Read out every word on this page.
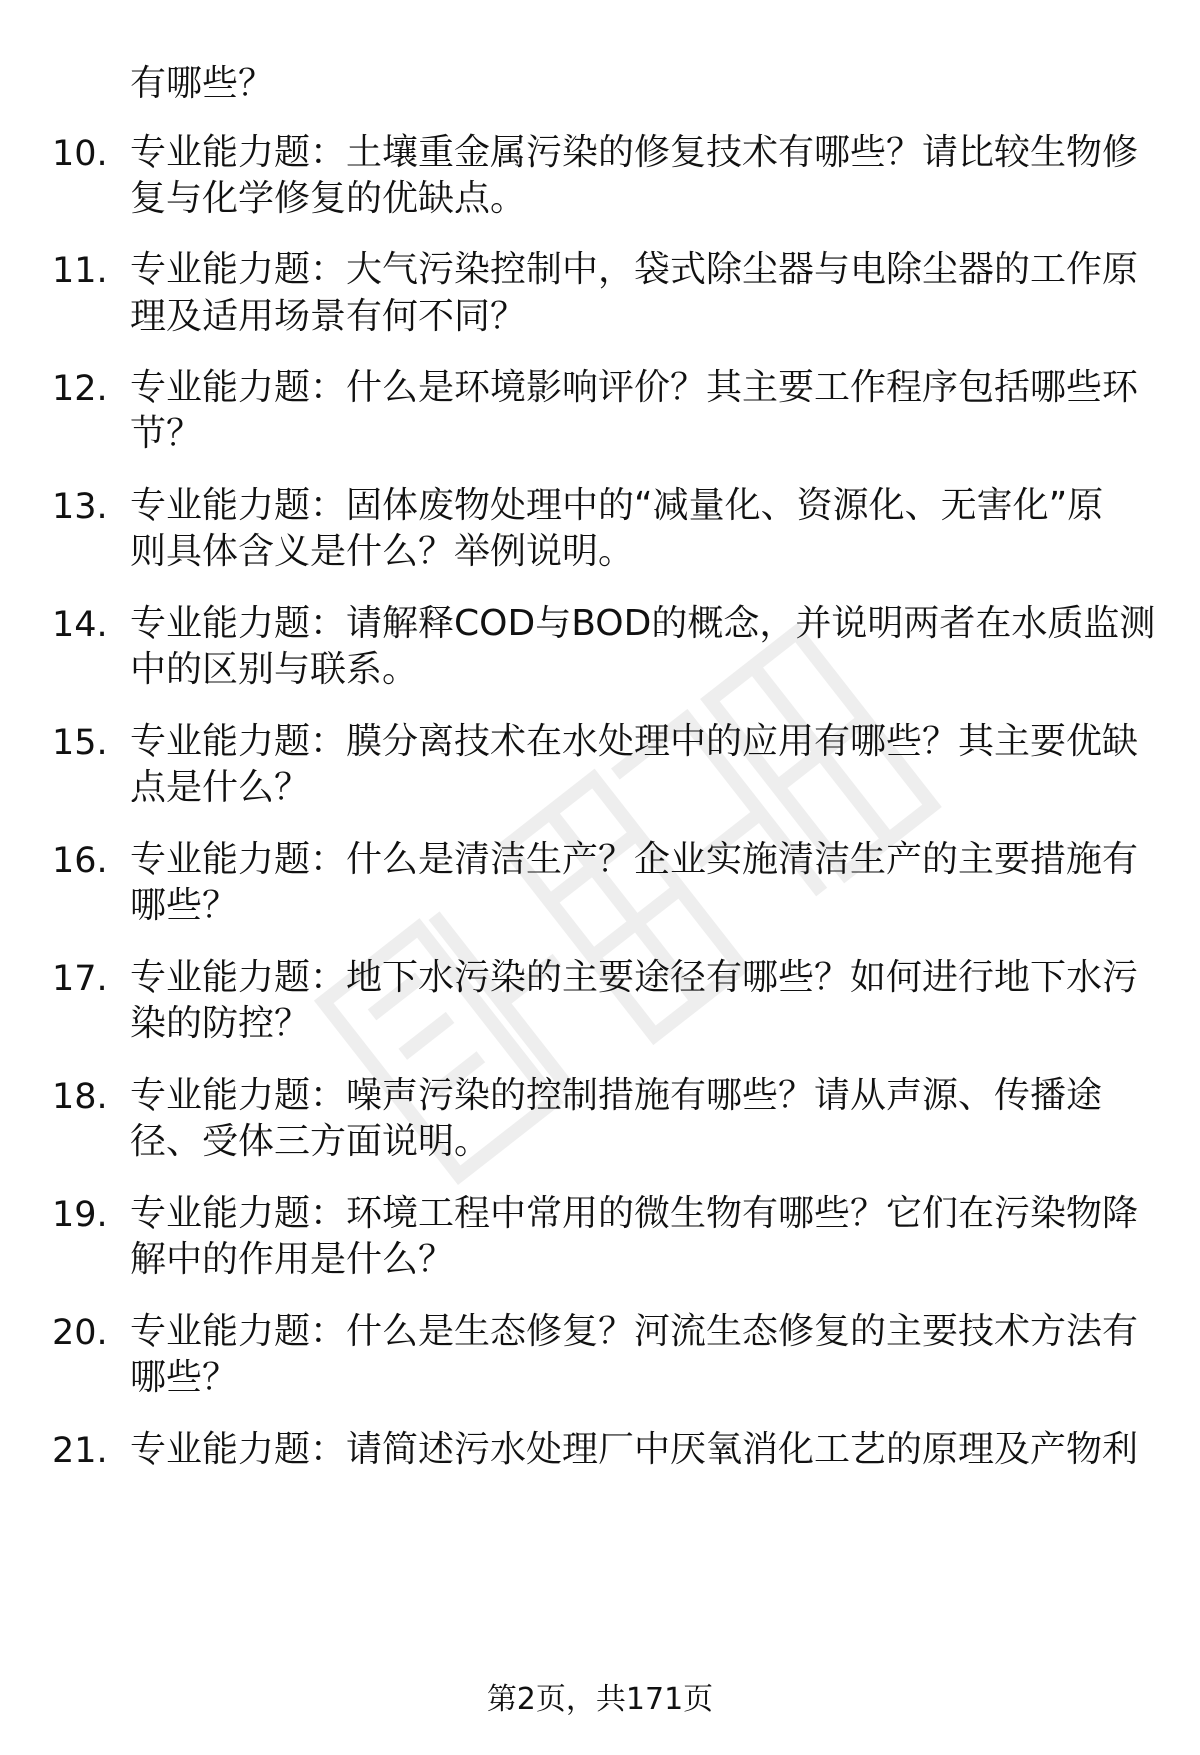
有哪些？
10. 专业能力题：土壤重金属污染的修复技术有哪些？请比较生物修
复与化学修复的优缺点。
11. 专业能力题：大气污染控制中，袋式除尘器与电除尘器的工作原
理及适用场景有何不同？
12. 专业能力题：什么是环境影响评价？其主要工作程序包括哪些环
节？
13. 专业能力题：固体废物处理中的“减量化、资源化、无害化”原
则具体含义是什么？举例说明。
14. 专业能力题：请解释COD与BOD的概念，并说明两者在水质监测
中的区别与联系。
15. 专业能力题：膜分离技术在水处理中的应用有哪些？其主要优缺
点是什么？
16. 专业能力题：什么是清洁生产？企业实施清洁生产的主要措施有
哪些？
17. 专业能力题：地下水污染的主要途径有哪些？如何进行地下水污
染的防控？
18. 专业能力题：噪声污染的控制措施有哪些？请从声源、传播途
径、受体三方面说明。
19. 专业能力题：环境工程中常用的微生物有哪些？它们在污染物降
解中的作用是什么？
20. 专业能力题：什么是生态修复？河流生态修复的主要技术方法有
哪些？
21. 专业能力题：请简述污水处理厂中厌氧消化工艺的原理及产物利
第2页，共171页
